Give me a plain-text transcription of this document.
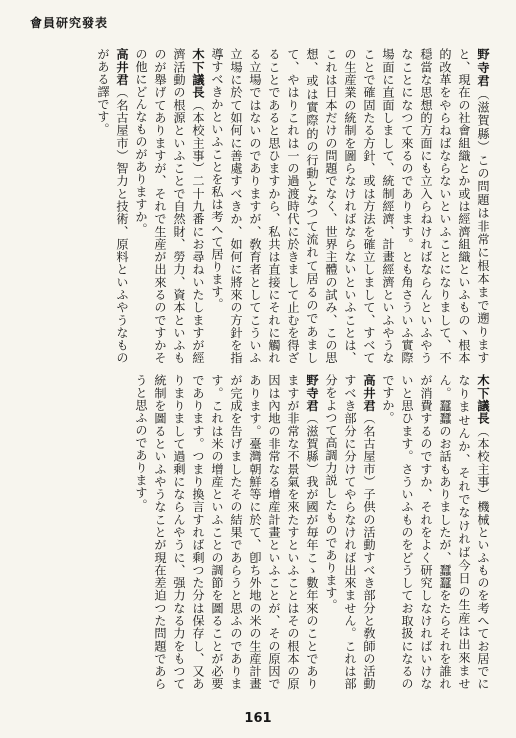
會員研究發表

野寺君（滋賀縣）この問題は非常に根本まで遡りますと、現在の社會組織とか或は經濟組織といふもの丶根本的改革をやらねばならないといふことになりまして、不穏當な思想的方面にも立入らねければならんといふやうなことになつて來るのであります。とも角さういふ實際場面に直面しまして、統制經濟、計畫經濟といふやうなことで確固たる方針、或は方法を確立しまして、すべての生産業の統制を圖らなければならないといふことは、これは日本だけの問題でなく、世界主體の試み、この思想、或は實際的の行動となつて流れて居るのであまして、やはりこれは一の過渡時代に於きまして止むを得ざることであると思ひますから、私共は直接にそれに觸れる立場ではないのでありますが、敎育者としてこういふ立場に於て如何に善處すべきか、如何に將來の方針を指導すべきかといふことを私は考へて居ります。

木下議長（本校主事）二十九番にお尋ねいたしますが經濟活動の根源といふことで自然財、勞力、資本といふものが舉げてありますが、それで生産が出來るのですかその他にどんなものがありますか。

高井君（名古屋市）智力と技術、原料といふやうなものがある譯です。

木下議長（本校主事）機械といふものを考へてお居でになりませんか、それでなければ今日の生産は出來ません。蠶蠶のお話もありましたが、蠶蠶をたらそれを誰れが消費するのですか、それをよく研究しなければいけないと思ひます。さういふものをどうしてお取扱になるのですか。

高井君（名古屋市）子供の活動すべき部分と敎師の活動すべき部分に分けてやらなければ出來ません。これは部分をよつて高調力説したものであります。

野寺君（滋賀縣）我が國が毎年こゝ數年來のことでありますが非常な不景氣を來たすといふことはその根本の原因は內地の非常なる增産計畫といふことが、その原因であります。臺灣朝鮮等に於て、卽ち外地の米の生産計畫が完成を告げましたその結果であらうと思ふのであります。これは米の增産といふことの調節を圖ることが必要であります。つまり換言すれば剩つた分は保存し、又ありまりまして過剩にならんやうに、强力なる力をもつて統制を圖るといふやうなことが現在差迫つた問題であらうと思ふのであります。

161
